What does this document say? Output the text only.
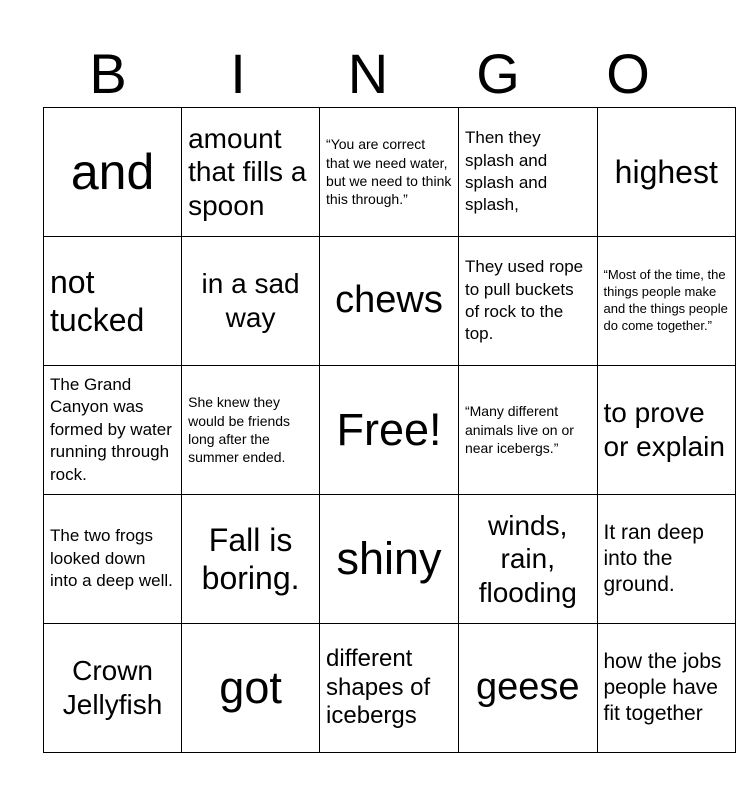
B	I	N	G	O
and	amount that fills a spoon	“You are correct that we need water, but we need to think this through.”	Then they splash and splash and splash,	highest

not tucked	in a sad way	chews	They used rope to pull buckets of rock to the top.	“Most of the time, the things people make and the things people do come together.”

The Grand Canyon was formed by water running through rock.	She knew they would be friends long after the summer ended.	Free!	“Many different animals live on or near icebergs.”	to prove or explain

The two frogs looked down into a deep well.	Fall is boring.	shiny	winds, rain, flooding	It ran deep into the ground.

Crown Jellyfish	got	different shapes of icebergs	geese	how the jobs people have fit together
